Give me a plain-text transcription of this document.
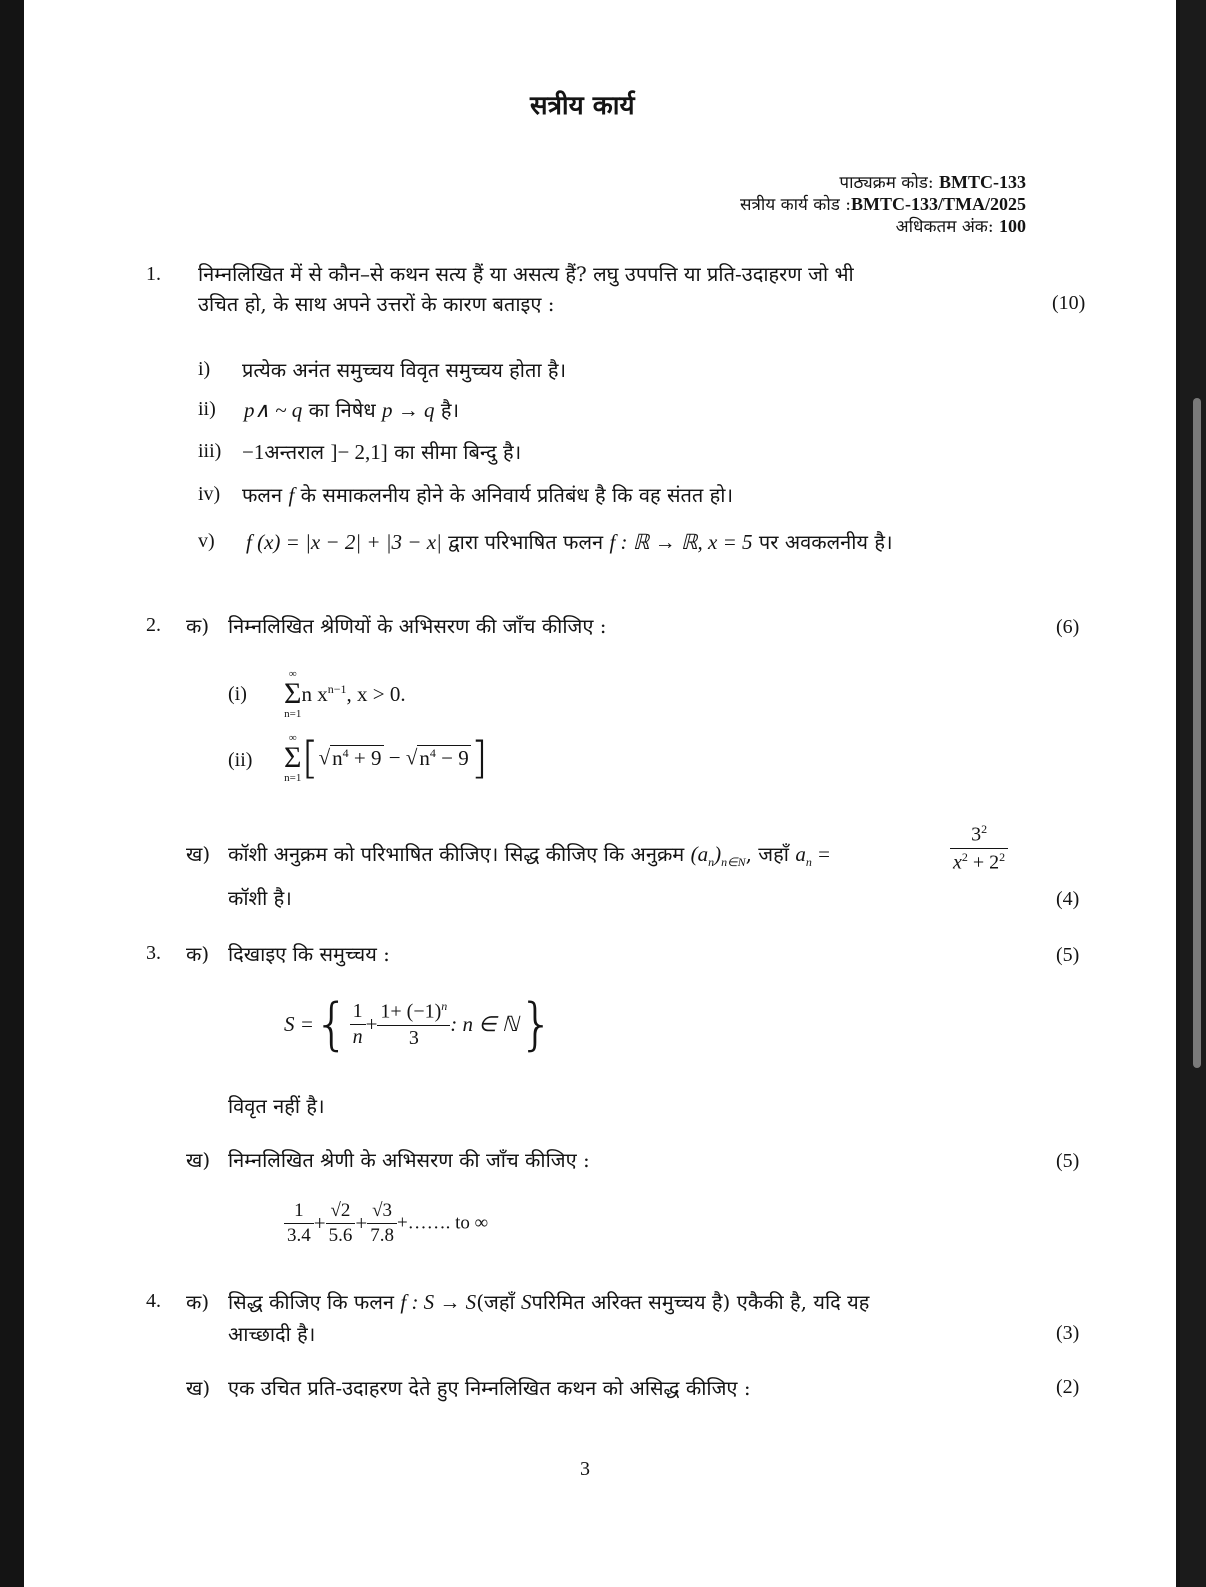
सत्रीय कार्य
पाठ्यक्रम कोड: BMTC-133
सत्रीय कार्य कोड :BMTC-133/TMA/2025
अधिकतम अंक: 100
1. निम्नलिखित में से कौन–से कथन सत्य हैं या असत्य हैं? लघु उपपत्ति या प्रति-उदाहरण जो भी
उचित हो, के साथ अपने उत्तरों के कारण बताइए :	(10)
i) प्रत्येक अनंत समुच्चय विवृत समुच्चय होता है।
ii) p∧ ~ q का निषेध p → q है।
iii) −1अन्तराल ]− 2,1] का सीमा बिन्दु है।
iv) फलन f के समाकलनीय होने के अनिवार्य प्रतिबंध है कि वह संतत हो।
v) f (x) = |x − 2| + |3 − x| द्वारा परिभाषित फलन f : ℝ → ℝ, x = 5 पर अवकलनीय है।
2. क) निम्नलिखित श्रेणियों के अभिसरण की जाँच कीजिए :	(6)
(i)
∞
Σ
n=1
n $x^{n-1}$, x > 0.
(ii)
∞
Σ
n=1 $[√n^4 + 9 - √n^4 - 9]$
ख) कॉशी अनुक्रम को परिभाषित कीजिए। सिद्ध कीजिए कि अनुक्रम $(a_n)_{n\in N}$, जहाँ $a_n$ =	$\frac{3^2}{x^2 + 2^2}$
कॉशी है।	(4)
3. क) दिखाइए कि समुच्चय :	(5)
S ={ $\frac{1}{n} + \frac{1+ (-1)^n}{3}$ : n ∈ ℕ}
विवृत नहीं है।
ख) निम्नलिखित श्रेणी के अभिसरण की जाँच कीजिए :	(5)
$\frac{1}{3.4} + \frac{√2}{5.6} + \frac{√3}{7.8}$ +……. to ∞
4. क) सिद्ध कीजिए कि फलन f : S → S(जहाँ Sपरिमित अरिक्त समुच्चय है) एकैकी है, यदि यह
आच्छादी है।	(3)
ख) एक उचित प्रति-उदाहरण देते हुए निम्नलिखित कथन को असिद्ध कीजिए :	(2)
3
